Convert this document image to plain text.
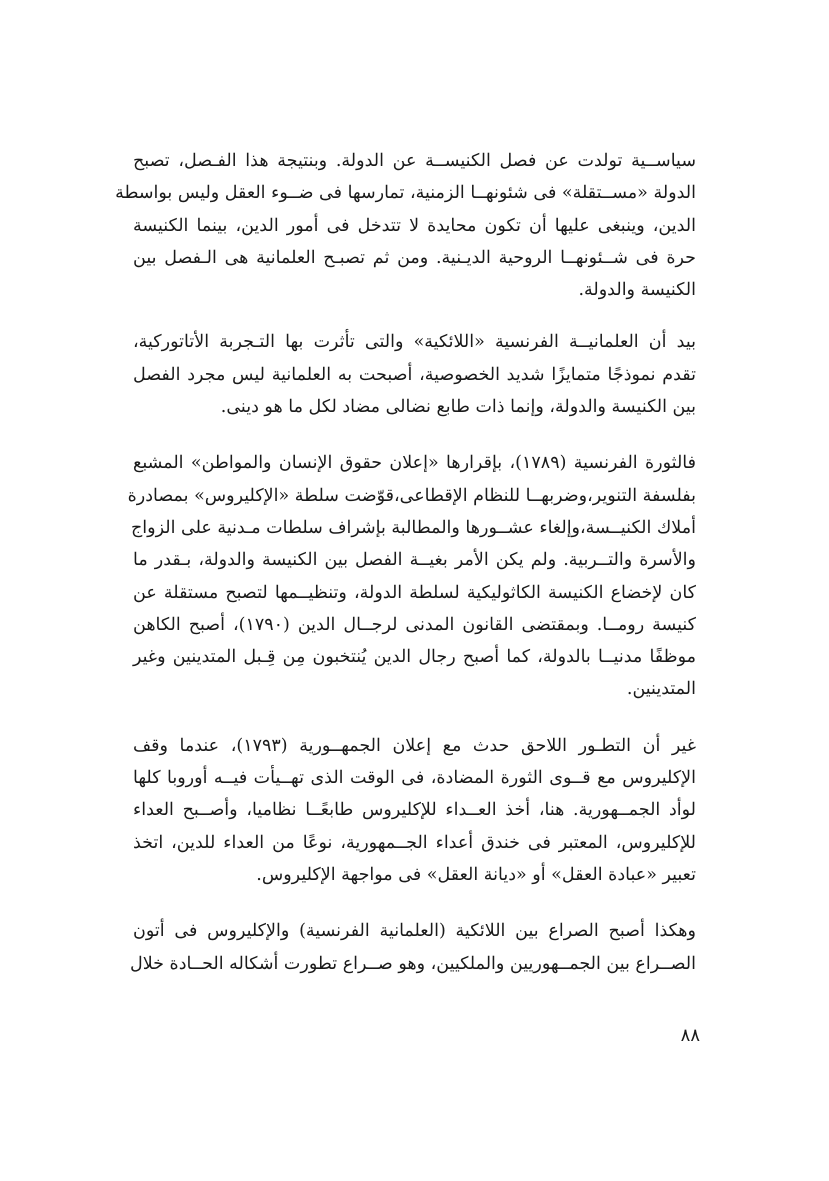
سياســية تولدت عن فصل الكنيســة عن الدولة. وبنتيجة هذا الفـصل، تصبح
الدولة «مســتقلة» فى شئونهــا الزمنية، تمارسها فى ضــوء العقل وليس بواسطة
الدين، وينبغى عليها أن تكون محايدة لا تتدخل فى أمور الدين، بينما الكنيسة
حرة فى شــئونهــا الروحية الديـنية. ومن ثم تصبـح العلمانية هى الـفصل بين
الكنيسة والدولة.

بيد أن العلمانيــة الفرنسية «اللائكية» والتى تأثرت بها التـجربة الأتاتوركية،
تقدم نموذجًا متمايزًا شديد الخصوصية، أصبحت به العلمانية ليس مجرد الفصل
بين الكنيسة والدولة، وإنما ذات طابع نضالى مضاد لكل ما هو دينى.

فالثورة الفرنسية (١٧٨٩)، بإقرارها «إعلان حقوق الإنسان والمواطن» المشبع
بفلسفة التنوير،وضربهــا للنظام الإقطاعى،قوّضت سلطة «الإكليروس» بمصادرة
أملاك الكنيــسة،وإلغاء عشــورها والمطالبة بإشراف سلطات مـدنية على الزواج
والأسرة والتــربية. ولم يكن الأمر بغيــة الفصل بين الكنيسة والدولة، بـقدر ما
كان لإخضاع الكنيسة الكاثوليكية لسلطة الدولة، وتنظيــمها لتصبح مستقلة عن
كنيسة رومــا. وبمقتضى القانون المدنى لرجــال الدين (١٧٩٠)، أصبح الكاهن
موظفًا مدنيــا بالدولة، كما أصبح رجال الدين يُنتخبون مِن قِـبل المتدينين وغير
المتدينين.

غير أن التطـور اللاحق حدث مع إعلان الجمهــورية (١٧٩٣)، عندما وقف
الإكليروس مع قــوى الثورة المضادة، فى الوقت الذى تهــيأت فيــه أوروبا كلها
لوأد الجمــهورية. هنا، أخذ العــداء للإكليروس طابعًــا نظاميا، وأصــبح العداء
للإكليروس، المعتبر فى خندق أعداء الجــمهورية، نوعًا من العداء للدين، اتخذ
تعبير «عبادة العقل» أو «ديانة العقل» فى مواجهة الإكليروس.

وهكذا أصبح الصراع بين اللائكية (العلمانية الفرنسية) والإكليروس فى أتون
الصــراع بين الجمــهوريين والملكيين، وهو صــراع تطورت أشكاله الحــادة خلال

٨٨
